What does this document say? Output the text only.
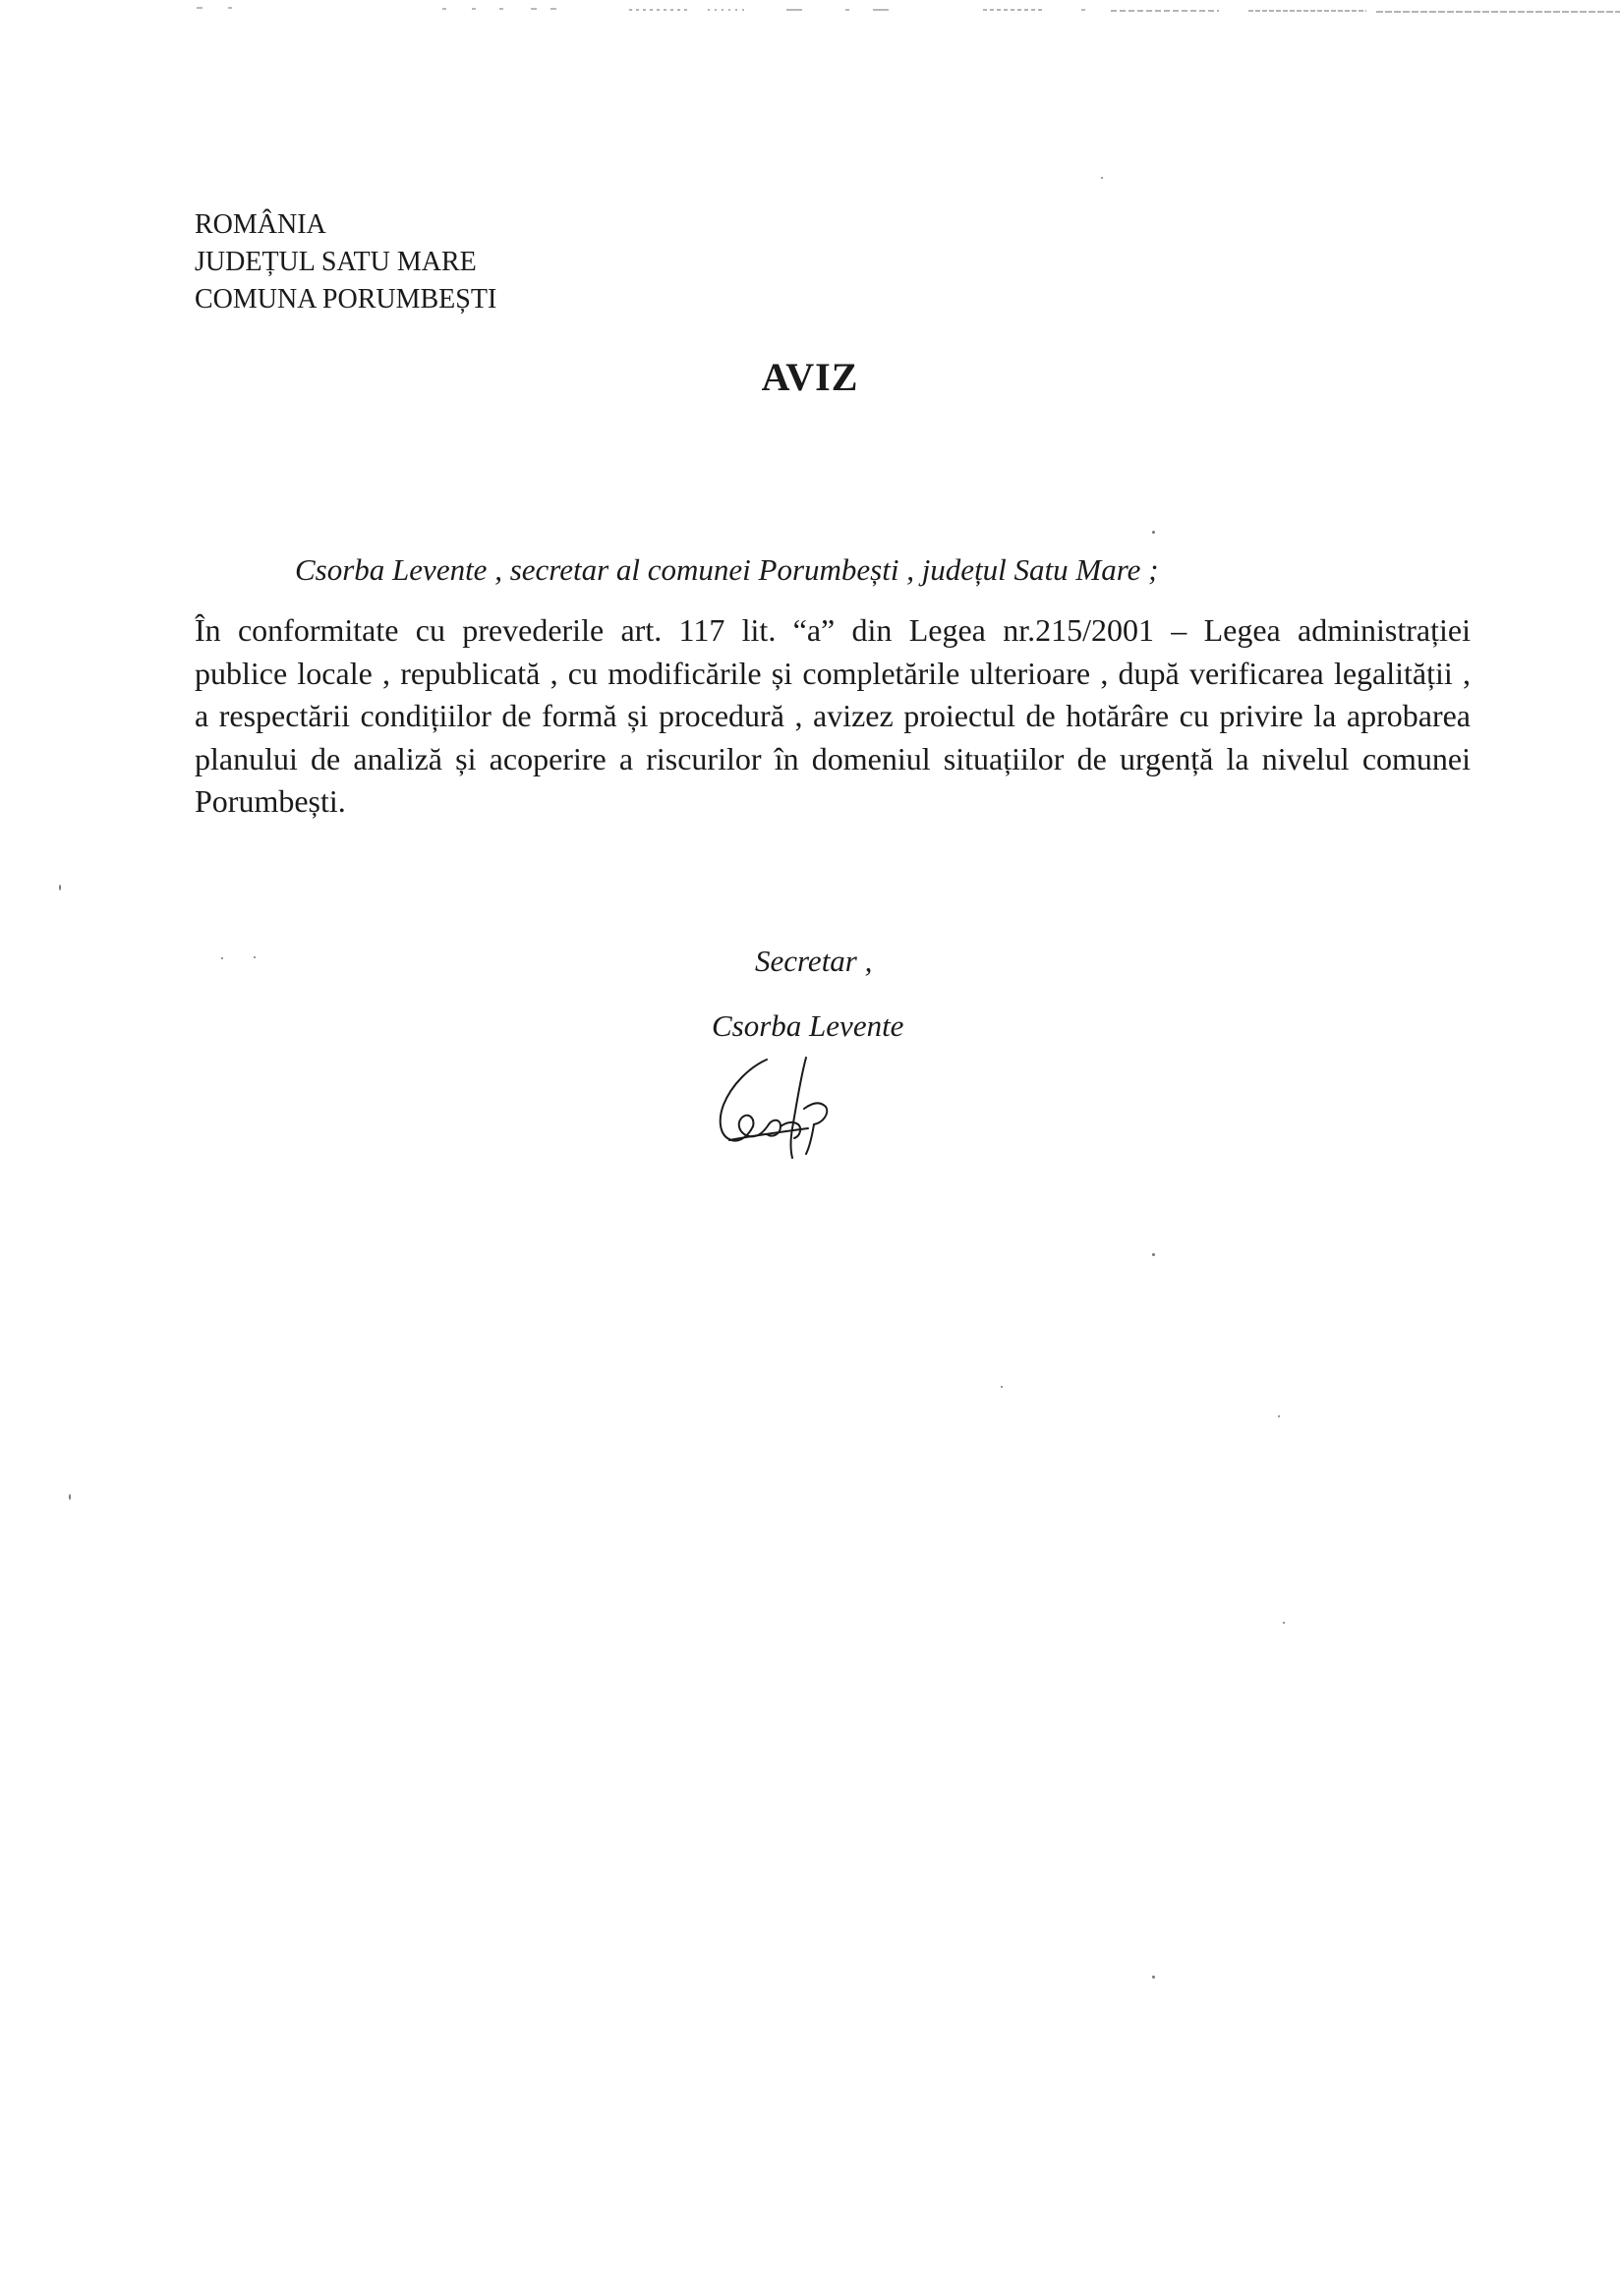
ROMÂNIA
JUDEȚUL SATU MARE
COMUNA PORUMBEȘTI
AVIZ
Csorba Levente , secretar al comunei Porumbești , județul Satu Mare ;
În conformitate cu prevederile art. 117 lit. “a” din Legea nr.215/2001 – Legea administrației publice locale , republicată , cu modificările și completările ulterioare , după verificarea legalității , a respectării condițiilor de formă și procedură , avizez proiectul de hotărâre cu privire la aprobarea planului de analiză și acoperire a riscurilor în domeniul situațiilor de urgență la nivelul comunei Porumbești.
Secretar ,
Csorba Levente
